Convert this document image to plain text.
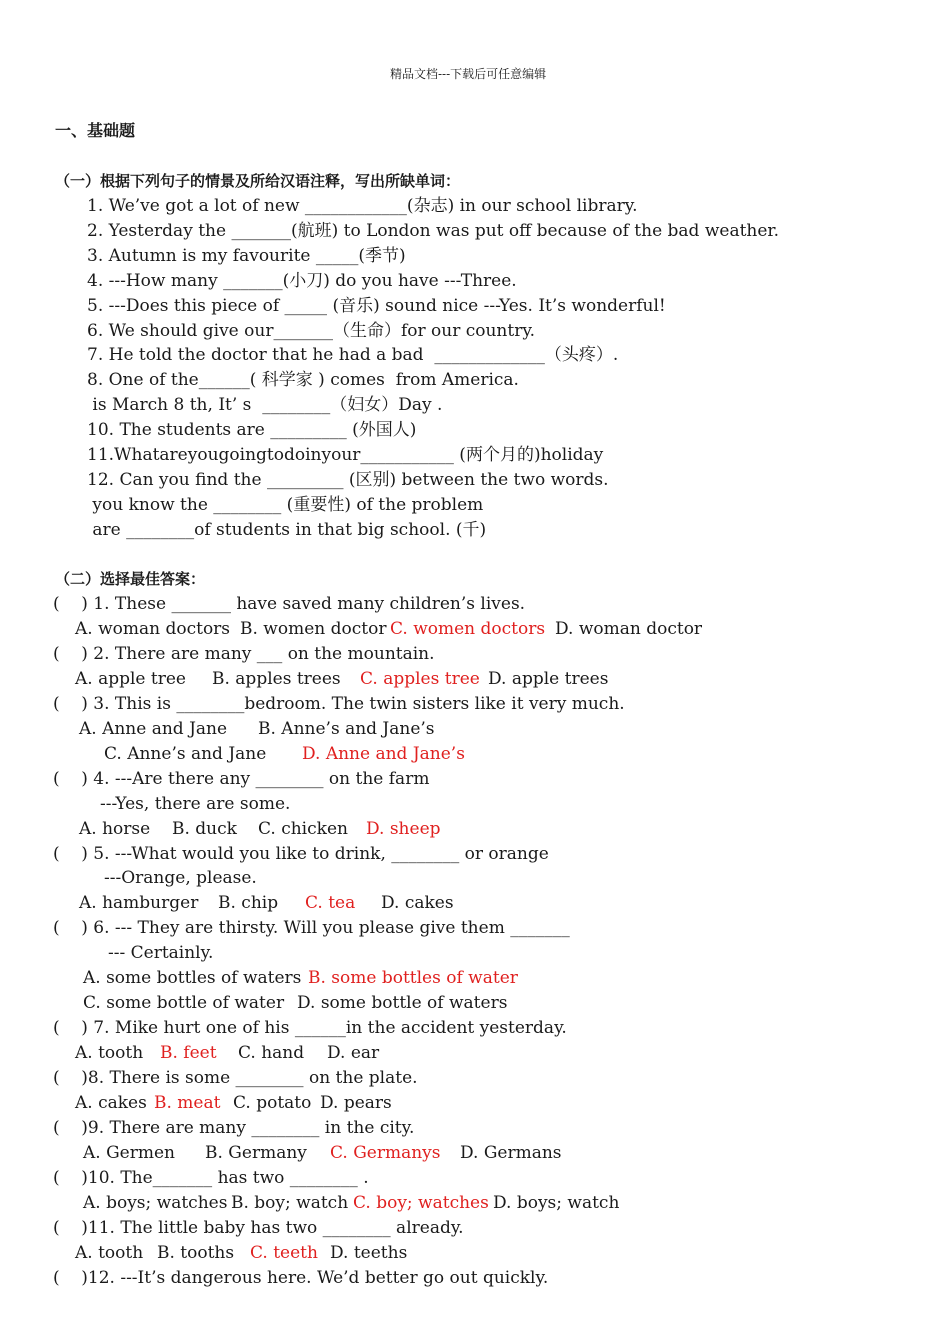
精品文档---下载后可任意编辑
一、基础题
（一）根据下列句子的情景及所给汉语注释，写出所缺单词：
1. We’ve got a lot of new ____________(杂志) in our school library.
2. Yesterday the _______(航班) to London was put off because of the bad weather.
3. Autumn is my favourite _____(季节)
4. ---How many _______(小刀) do you have ---Three.
5. ---Does this piece of _____ (音乐) sound nice ---Yes. It’s wonderful!
6. We should give our_______（生命）for our country.
7. He told the doctor that he had a bad  _____________（头疼）.
8. One of the______( 科学家 ) comes  from America.
is March 8 th, It’ s  ________（妇女）Day .
10. The students are _________ (外国人)
11.Whatareyougoingtodoinyour___________ (两个月的)holiday
12. Can you find the _________ (区别) between the two words.
you know the ________ (重要性) of the problem
are ________of students in that big school. (千)
（二）选择最佳答案：
(    ) 1. These _______ have saved many children’s lives.
A. woman doctors B. women doctor C. women doctors D. woman doctor
(    ) 2. There are many ___ on the mountain.
A. apple tree B. apples trees C. apples tree D. apple trees
(    ) 3. This is ________bedroom. The twin sisters like it very much.
A. Anne and Jane B. Anne’s and Jane’s
C. Anne’s and Jane D. Anne and Jane’s
(    ) 4. ---Are there any ________ on the farm
---Yes, there are some.
A. horse B. duck C. chicken D. sheep
(    ) 5. ---What would you like to drink, ________ or orange
---Orange, please.
A. hamburger B. chip C. tea D. cakes
(    ) 6. --- They are thirsty. Will you please give them _______
--- Certainly.
A. some bottles of waters B. some bottles of water
C. some bottle of water D. some bottle of waters
(    ) 7. Mike hurt one of his ______in the accident yesterday.
A. tooth B. feet C. hand D. ear
(    )8. There is some ________ on the plate.
A. cakes B. meat C. potato D. pears
(    )9. There are many ________ in the city.
A. Germen B. Germany C. Germanys D. Germans
(    )10. The_______ has two ________ .
A. boys; watches B. boy; watch C. boy; watches D. boys; watch
(    )11. The little baby has two ________ already.
A. tooth B. tooths C. teeth D. teeths
(    )12. ---It’s dangerous here. We’d better go out quickly.
